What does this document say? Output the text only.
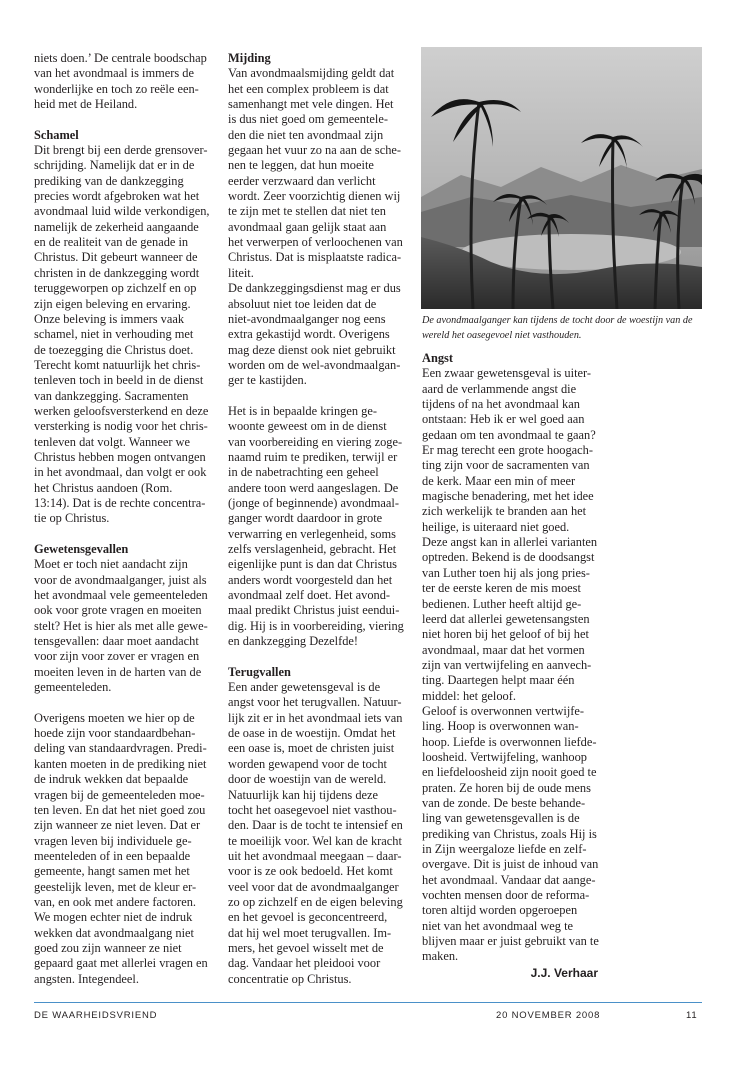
niets doen.’ De centrale boodschap
van het avondmaal is immers de
wonderlijke en toch zo reële een-
heid met de Heiland.

Schamel

Dit brengt bij een derde grensover-
schrijding. Namelijk dat er in de
prediking van de dankzegging
precies wordt afgebroken wat het
avondmaal luid wilde verkondigen,
namelijk de zekerheid aangaande
en de realiteit van de genade in
Christus. Dit gebeurt wanneer de
christen in de dankzegging wordt
teruggeworpen op zichzelf en op
zijn eigen beleving en ervaring.
Onze beleving is immers vaak
schamel, niet in verhouding met
de toezegging die Christus doet.
Terecht komt natuurlijk het chris-
tenleven toch in beeld in de dienst
van dankzegging. Sacramenten
werken geloofsversterkend en deze
versterking is nodig voor het chris-
tenleven dat volgt. Wanneer we
Christus hebben mogen ontvangen
in het avondmaal, dan volgt er ook
het Christus aandoen (Rom.
13:14). Dat is de rechte concentra-
tie op Christus.

Gewetensgevallen

Moet er toch niet aandacht zijn
voor de avondmaalganger, juist als
het avondmaal vele gemeenteleden
ook voor grote vragen en moeiten
stelt? Het is hier als met alle gewe-
tensgevallen: daar moet aandacht
voor zijn voor zover er vragen en
moeiten leven in de harten van de
gemeenteleden.

Overigens moeten we hier op de
hoede zijn voor standaardbehan-
deling van standaardvragen. Predi-
kanten moeten in de prediking niet
de indruk wekken dat bepaalde
vragen bij de gemeenteleden moe-
ten leven. En dat het niet goed zou
zijn wanneer ze niet leven. Dat er
vragen leven bij individuele ge-
meenteleden of in een bepaalde
gemeente, hangt samen met het
geestelijk leven, met de kleur er-
van, en ook met andere factoren.
We mogen echter niet de indruk
wekken dat avondmaalgang niet
goed zou zijn wanneer ze niet
gepaard gaat met allerlei vragen en
angsten. Integendeel.

Mijding

Van avondmaalsmijding geldt dat
het een complex probleem is dat
samenhangt met vele dingen. Het
is dus niet goed om gemeentele-
den die niet ten avondmaal zijn
gegaan het vuur zo na aan de sche-
nen te leggen, dat hun moeite
eerder verzwaard dan verlicht
wordt. Zeer voorzichtig dienen wij
te zijn met te stellen dat niet ten
avondmaal gaan gelijk staat aan
het verwerpen of verloochenen van
Christus. Dat is misplaatste radica-
liteit.
De dankzeggingsdienst mag er dus
absoluut niet toe leiden dat de
niet-avondmaalganger nog eens
extra gekastijd wordt. Overigens
mag deze dienst ook niet gebruikt
worden om de wel-avondmaalgan-
ger te kastijden.

Het is in bepaalde kringen ge-
woonte geweest om in de dienst
van voorbereiding en viering zoge-
naamd ruim te prediken, terwijl er
in de nabetrachting een geheel
andere toon werd aangeslagen. De
(jonge of beginnende) avondmaal-
ganger wordt daardoor in grote
verwarring en verlegenheid, soms
zelfs verslagenheid, gebracht. Het
eigenlijke punt is dan dat Christus
anders wordt voorgesteld dan het
avondmaal zelf doet. Het avond-
maal predikt Christus juist eendui-
dig. Hij is in voorbereiding, viering
en dankzegging Dezelfde!

Terugvallen

Een ander gewetensgeval is de
angst voor het terugvallen. Natuur-
lijk zit er in het avondmaal iets van
de oase in de woestijn. Omdat het
een oase is, moet de christen juist
worden gewapend voor de tocht
door de woestijn van de wereld.
Natuurlijk kan hij tijdens deze
tocht het oasegevoel niet vasthou-
den. Daar is de tocht te intensief en
te moeilijk voor. Wel kan de kracht
uit het avondmaal meegaan – daar-
voor is ze ook bedoeld. Het komt
veel voor dat de avondmaalganger
zo op zichzelf en de eigen beleving
en het gevoel is geconcentreerd,
dat hij wel moet terugvallen. Im-
mers, het gevoel wisselt met de
dag. Vandaar het pleidooi voor
concentratie op Christus.

De avondmaalganger kan tijdens de tocht door de woestijn van de
wereld het oasegevoel niet vasthouden.

Angst

Een zwaar gewetensgeval is uiter-
aard de verlammende angst die
tijdens of na het avondmaal kan
ontstaan: Heb ik er wel goed aan
gedaan om ten avondmaal te gaan?
Er mag terecht een grote hoogach-
ting zijn voor de sacramenten van
de kerk. Maar een min of meer
magische benadering, met het idee
zich werkelijk te branden aan het
heilige, is uiteraard niet goed.
Deze angst kan in allerlei varianten
optreden. Bekend is de doodsangst
van Luther toen hij als jong pries-
ter de eerste keren de mis moest
bedienen. Luther heeft altijd ge-
leerd dat allerlei gewetensangsten
niet horen bij het geloof of bij het
avondmaal, maar dat het vormen
zijn van vertwijfeling en aanvech-
ting. Daartegen helpt maar één
middel: het geloof.
Geloof is overwonnen vertwijfe-
ling. Hoop is overwonnen wan-
hoop. Liefde is overwonnen liefde-
loosheid. Vertwijfeling, wanhoop
en liefdeloosheid zijn nooit goed te
praten. Ze horen bij de oude mens
van de zonde. De beste behande-
ling van gewetensgevallen is de
prediking van Christus, zoals Hij is
in Zijn weergaloze liefde en zelf-
overgave. Dit is juist de inhoud van
het avondmaal. Vandaar dat aange-
vochten mensen door de reforma-
toren altijd worden opgeroepen
niet van het avondmaal weg te
blijven maar er juist gebruikt van te
maken.

J.J. Verhaar

DE WAARHEIDSVRIEND	20 NOVEMBER 2008	11
